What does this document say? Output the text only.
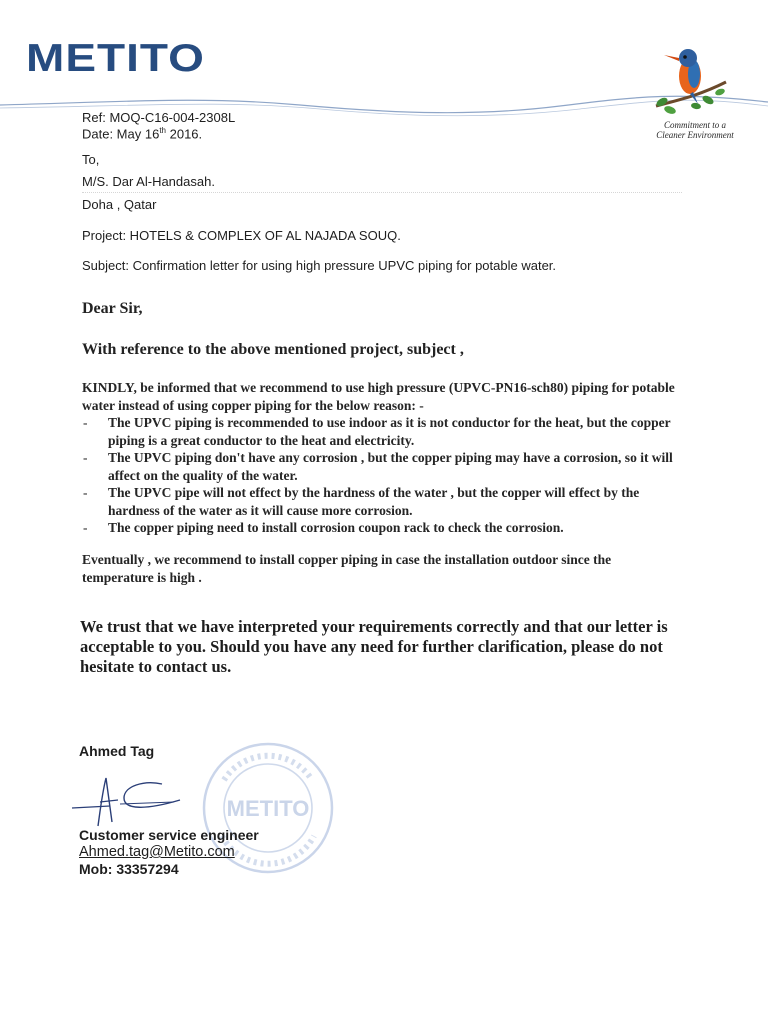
METITO
Commitment to a
Cleaner Environment
Ref: MOQ-C16-004-2308L
Date: May 16th 2016.
To,
M/S. Dar Al-Handasah.
Doha , Qatar
Project: HOTELS & COMPLEX OF AL NAJADA SOUQ.
Subject: Confirmation letter for using high pressure UPVC piping for potable water.
Dear Sir,
With reference to the above mentioned project, subject ,
KINDLY, be informed that we recommend to use high pressure (UPVC-PN16-sch80) piping for potable water instead of using copper piping for the below reason: -
- The UPVC piping is recommended to use indoor as it is not conductor for the heat, but the copper piping is a great conductor to the heat and electricity.
- The UPVC piping don't have any corrosion , but the copper piping may have a corrosion, so it will affect on the quality of the water.
- The UPVC pipe will not effect by the hardness of the water , but the copper will effect by the hardness of the water as it will cause more corrosion.
- The copper piping need to install corrosion coupon rack to check the corrosion.
Eventually , we recommend to install copper piping in case the installation outdoor since the temperature is high .
We trust that we have interpreted your requirements correctly and that our letter is acceptable to you. Should you have any need for further clarification, please do not hesitate to contact us.
METITO
Ahmed Tag
Customer service engineer
Ahmed.tag@Metito.com
Mob: 33357294
